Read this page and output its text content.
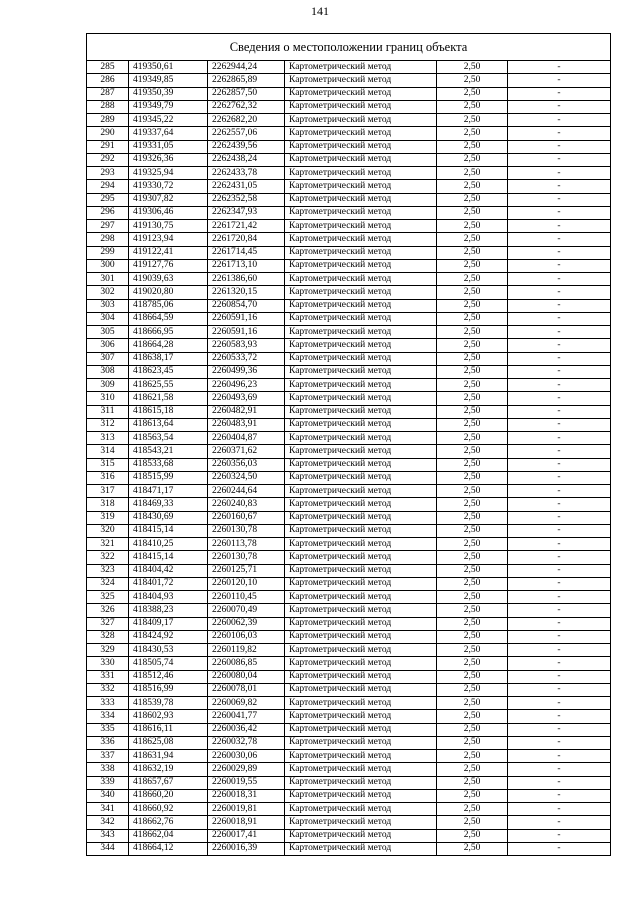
141
Сведения о местоположении границ объекта					
285	419350,61	2262944,24	Картометрический метод	2,50	-
286	419349,85	2262865,89	Картометрический метод	2,50	-
287	419350,39	2262857,50	Картометрический метод	2,50	-
288	419349,79	2262762,32	Картометрический метод	2,50	-
289	419345,22	2262682,20	Картометрический метод	2,50	-
290	419337,64	2262557,06	Картометрический метод	2,50	-
291	419331,05	2262439,56	Картометрический метод	2,50	-
292	419326,36	2262438,24	Картометрический метод	2,50	-
293	419325,94	2262433,78	Картометрический метод	2,50	-
294	419330,72	2262431,05	Картометрический метод	2,50	-
295	419307,82	2262352,58	Картометрический метод	2,50	-
296	419306,46	2262347,93	Картометрический метод	2,50	-
297	419130,75	2261721,42	Картометрический метод	2,50	-
298	419123,94	2261720,84	Картометрический метод	2,50	-
299	419122,41	2261714,45	Картометрический метод	2,50	-
300	419127,76	2261713,10	Картометрический метод	2,50	-
301	419039,63	2261386,60	Картометрический метод	2,50	-
302	419020,80	2261320,15	Картометрический метод	2,50	-
303	418785,06	2260854,70	Картометрический метод	2,50	-
304	418664,59	2260591,16	Картометрический метод	2,50	-
305	418666,95	2260591,16	Картометрический метод	2,50	-
306	418664,28	2260583,93	Картометрический метод	2,50	-
307	418638,17	2260533,72	Картометрический метод	2,50	-
308	418623,45	2260499,36	Картометрический метод	2,50	-
309	418625,55	2260496,23	Картометрический метод	2,50	-
310	418621,58	2260493,69	Картометрический метод	2,50	-
311	418615,18	2260482,91	Картометрический метод	2,50	-
312	418613,64	2260483,91	Картометрический метод	2,50	-
313	418563,54	2260404,87	Картометрический метод	2,50	-
314	418543,21	2260371,62	Картометрический метод	2,50	-
315	418533,68	2260356,03	Картометрический метод	2,50	-
316	418515,99	2260324,50	Картометрический метод	2,50	-
317	418471,17	2260244,64	Картометрический метод	2,50	-
318	418469,33	2260240,83	Картометрический метод	2,50	-
319	418430,69	2260160,67	Картометрический метод	2,50	-
320	418415,14	2260130,78	Картометрический метод	2,50	-
321	418410,25	2260113,78	Картометрический метод	2,50	-
322	418415,14	2260130,78	Картометрический метод	2,50	-
323	418404,42	2260125,71	Картометрический метод	2,50	-
324	418401,72	2260120,10	Картометрический метод	2,50	-
325	418404,93	2260110,45	Картометрический метод	2,50	-
326	418388,23	2260070,49	Картометрический метод	2,50	-
327	418409,17	2260062,39	Картометрический метод	2,50	-
328	418424,92	2260106,03	Картометрический метод	2,50	-
329	418430,53	2260119,82	Картометрический метод	2,50	-
330	418505,74	2260086,85	Картометрический метод	2,50	-
331	418512,46	2260080,04	Картометрический метод	2,50	-
332	418516,99	2260078,01	Картометрический метод	2,50	-
333	418539,78	2260069,82	Картометрический метод	2,50	-
334	418602,93	2260041,77	Картометрический метод	2,50	-
335	418616,11	2260036,42	Картометрический метод	2,50	-
336	418625,08	2260032,78	Картометрический метод	2,50	-
337	418631,94	2260030,06	Картометрический метод	2,50	-
338	418632,19	2260029,89	Картометрический метод	2,50	-
339	418657,67	2260019,55	Картометрический метод	2,50	-
340	418660,20	2260018,31	Картометрический метод	2,50	-
341	418660,92	2260019,81	Картометрический метод	2,50	-
342	418662,76	2260018,91	Картометрический метод	2,50	-
343	418662,04	2260017,41	Картометрический метод	2,50	-
344	418664,12	2260016,39	Картометрический метод	2,50	-
